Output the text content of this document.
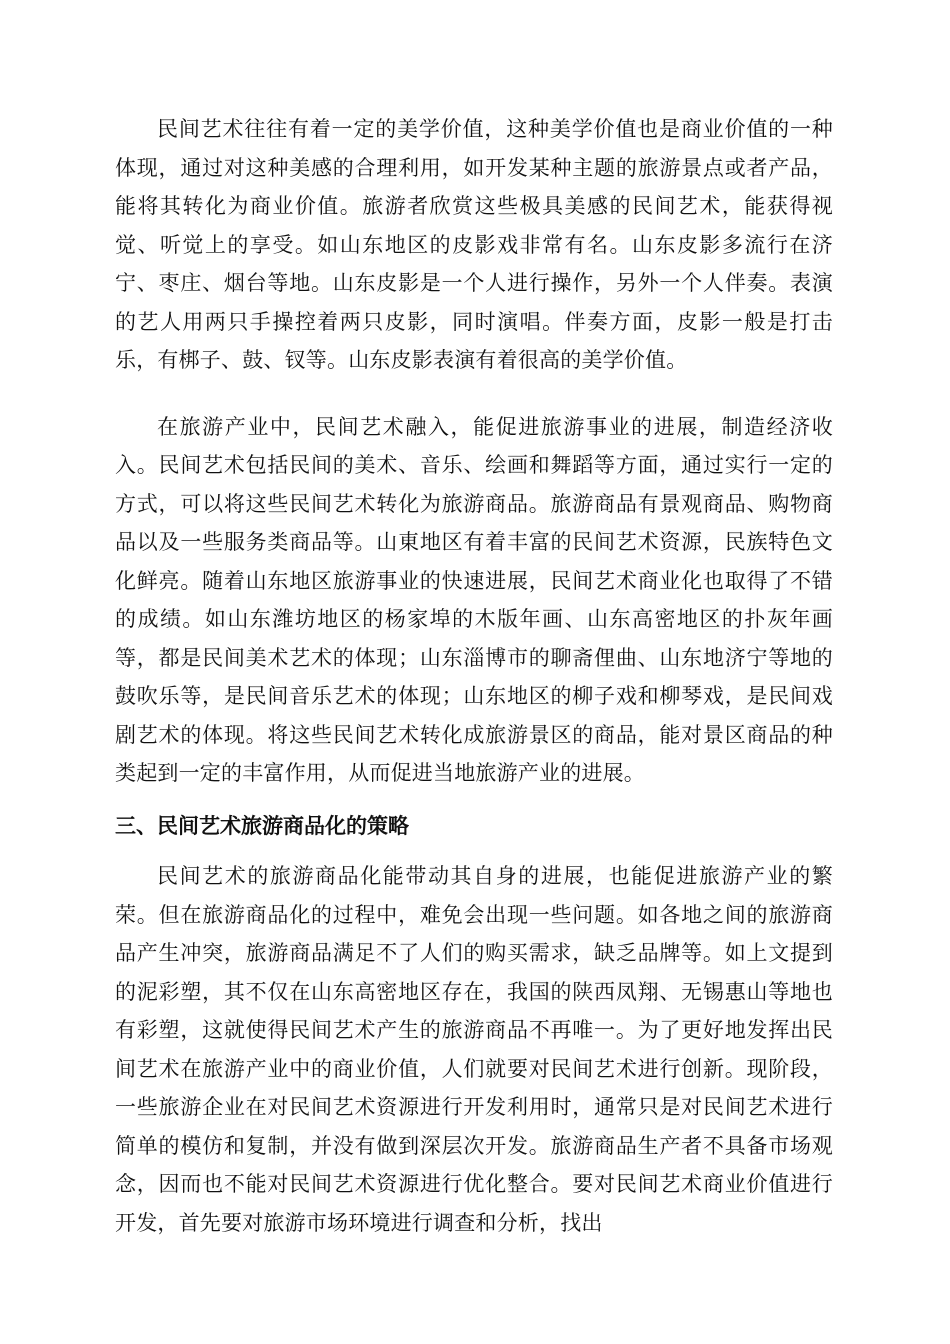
民间艺术往往有着一定的美学价值，这种美学价值也是商业价值的一种体现，通过对这种美感的合理利用，如开发某种主题的旅游景点或者产品，能将其转化为商业价值。旅游者欣赏这些极具美感的民间艺术，能获得视觉、听觉上的享受。如山东地区的皮影戏非常有名。山东皮影多流行在济宁、枣庄、烟台等地。山东皮影是一个人进行操作，另外一个人伴奏。表演的艺人用两只手操控着两只皮影，同时演唱。伴奏方面，皮影一般是打击乐，有梆子、鼓、钗等。山东皮影表演有着很高的美学价值。

在旅游产业中，民间艺术融入，能促进旅游事业的进展，制造经济收入。民间艺术包括民间的美术、音乐、绘画和舞蹈等方面，通过实行一定的方式，可以将这些民间艺术转化为旅游商品。旅游商品有景观商品、购物商品以及一些服务类商品等。山東地区有着丰富的民间艺术资源，民族特色文化鲜亮。随着山东地区旅游事业的快速进展，民间艺术商业化也取得了不错的成绩。如山东潍坊地区的杨家埠的木版年画、山东高密地区的扑灰年画等，都是民间美术艺术的体现；山东淄博市的聊斋俚曲、山东地济宁等地的鼓吹乐等，是民间音乐艺术的体现；山东地区的柳子戏和柳琴戏，是民间戏剧艺术的体现。将这些民间艺术转化成旅游景区的商品，能对景区商品的种类起到一定的丰富作用，从而促进当地旅游产业的进展。

三、民间艺术旅游商品化的策略

民间艺术的旅游商品化能带动其自身的进展，也能促进旅游产业的繁荣。但在旅游商品化的过程中，难免会出现一些问题。如各地之间的旅游商品产生冲突，旅游商品满足不了人们的购买需求，缺乏品牌等。如上文提到的泥彩塑，其不仅在山东高密地区存在，我国的陕西凤翔、无锡惠山等地也有彩塑，这就使得民间艺术产生的旅游商品不再唯一。为了更好地发挥出民间艺术在旅游产业中的商业价值，人们就要对民间艺术进行创新。现阶段，一些旅游企业在对民间艺术资源进行开发利用时，通常只是对民间艺术进行简单的模仿和复制，并没有做到深层次开发。旅游商品生产者不具备市场观念，因而也不能对民间艺术资源进行优化整合。要对民间艺术商业价值进行开发，首先要对旅游市场环境进行调查和分析，找出
